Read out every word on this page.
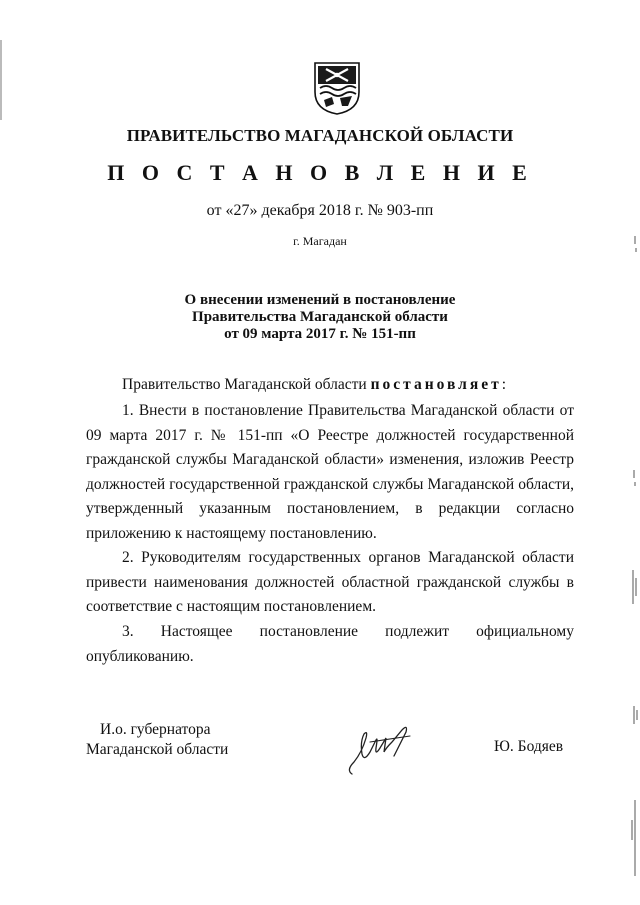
ПРАВИТЕЛЬСТВО МАГАДАНСКОЙ ОБЛАСТИ
П О С Т А Н О В Л Е Н И Е
от «27» декабря 2018 г. № 903-пп
г. Магадан
О внесении изменений в постановление
Правительства Магаданской области
от 09 марта 2017 г. № 151-пп
Правительство Магаданской области постановляет:
1. Внести в постановление Правительства Магаданской области от 09 марта 2017 г. № 151-пп «О Реестре должностей государственной гражданской службы Магаданской области» изменения, изложив Реестр должностей государственной гражданской службы Магаданской области, утвержденный указанным постановлением, в редакции согласно приложению к настоящему постановлению.
2. Руководителям государственных органов Магаданской области привести наименования должностей областной гражданской службы в соответствие с настоящим постановлением.
3. Настоящее постановление подлежит официальному опубликованию.
И.о. губернатора
Магаданской области	Ю. Бодяев
